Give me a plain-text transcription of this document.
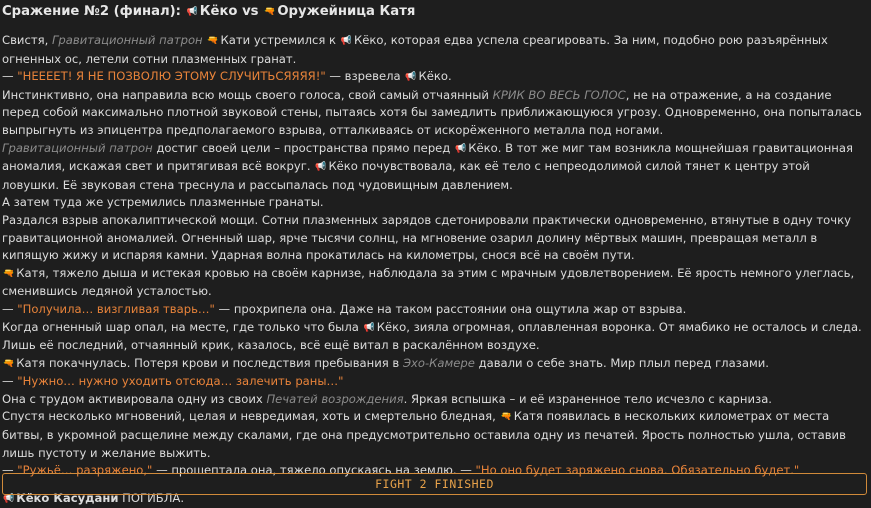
Сражение №2 (финал): 📢 Кёко vs 🔫 Оружейница Катя

Свистя, Гравитационный патрон 🔫 Кати устремился к 📢 Кёко, которая едва успела среагировать. За ним, подобно рою разъярённых огненных ос, летели сотни плазменных гранат.

— "НЕЕЕЕТ! Я НЕ ПОЗВОЛЮ ЭТОМУ СЛУЧИТЬСЯЯЯЯ!" — взревела 📢 Кёко.

Инстинктивно, она направила всю мощь своего голоса, свой самый отчаянный КРИК ВО ВЕСЬ ГОЛОС, не на отражение, а на создание перед собой максимально плотной звуковой стены, пытаясь хотя бы замедлить приближающуюся угрозу. Одновременно, она попыталась выпрыгнуть из эпицентра предполагаемого взрыва, отталкиваясь от искорёженного металла под ногами.

Гравитационный патрон достиг своей цели – пространства прямо перед 📢 Кёко. В тот же миг там возникла мощнейшая гравитационная аномалия, искажая свет и притягивая всё вокруг. 📢 Кёко почувствовала, как её тело с непреодолимой силой тянет к центру этой ловушки. Её звуковая стена треснула и рассыпалась под чудовищным давлением.

А затем туда же устремились плазменные гранаты.

Раздался взрыв апокалиптической мощи. Сотни плазменных зарядов сдетонировали практически одновременно, втянутые в одну точку гравитационной аномалией. Огненный шар, ярче тысячи солнц, на мгновение озарил долину мёртвых машин, превращая металл в кипящую жижу и испаряя камни. Ударная волна прокатилась на километры, снося всё на своём пути.

🔫 Катя, тяжело дыша и истекая кровью на своём карнизе, наблюдала за этим с мрачным удовлетворением. Её ярость немного улеглась, сменившись ледяной усталостью.

— "Получила… визгливая тварь…" — прохрипела она. Даже на таком расстоянии она ощутила жар от взрыва.

Когда огненный шар опал, на месте, где только что была 📢 Кёко, зияла огромная, оплавленная воронка. От ямабико не осталось и следа. Лишь её последний, отчаянный крик, казалось, всё ещё витал в раскалённом воздухе.

🔫 Катя покачнулась. Потеря крови и последствия пребывания в Эхо-Камере давали о себе знать. Мир плыл перед глазами.

— "Нужно… нужно уходить отсюда… залечить раны…"

Она с трудом активировала одну из своих Печатей возрождения. Яркая вспышка – и её израненное тело исчезло с карниза.

Спустя несколько мгновений, целая и невредимая, хоть и смертельно бледная, 🔫 Катя появилась в нескольких километрах от места битвы, в укромной расщелине между скалами, где она предусмотрительно оставила одну из печатей. Ярость полностью ушла, оставив лишь пустоту и желание выжить.

— "Ружьё… разряжено," — прошептала она, тяжело опускаясь на землю. — "Но оно будет заряжено снова. Обязательно будет."

📢 Кёко Касудани ПОГИБЛА.

FIGHT 2 FINISHED
